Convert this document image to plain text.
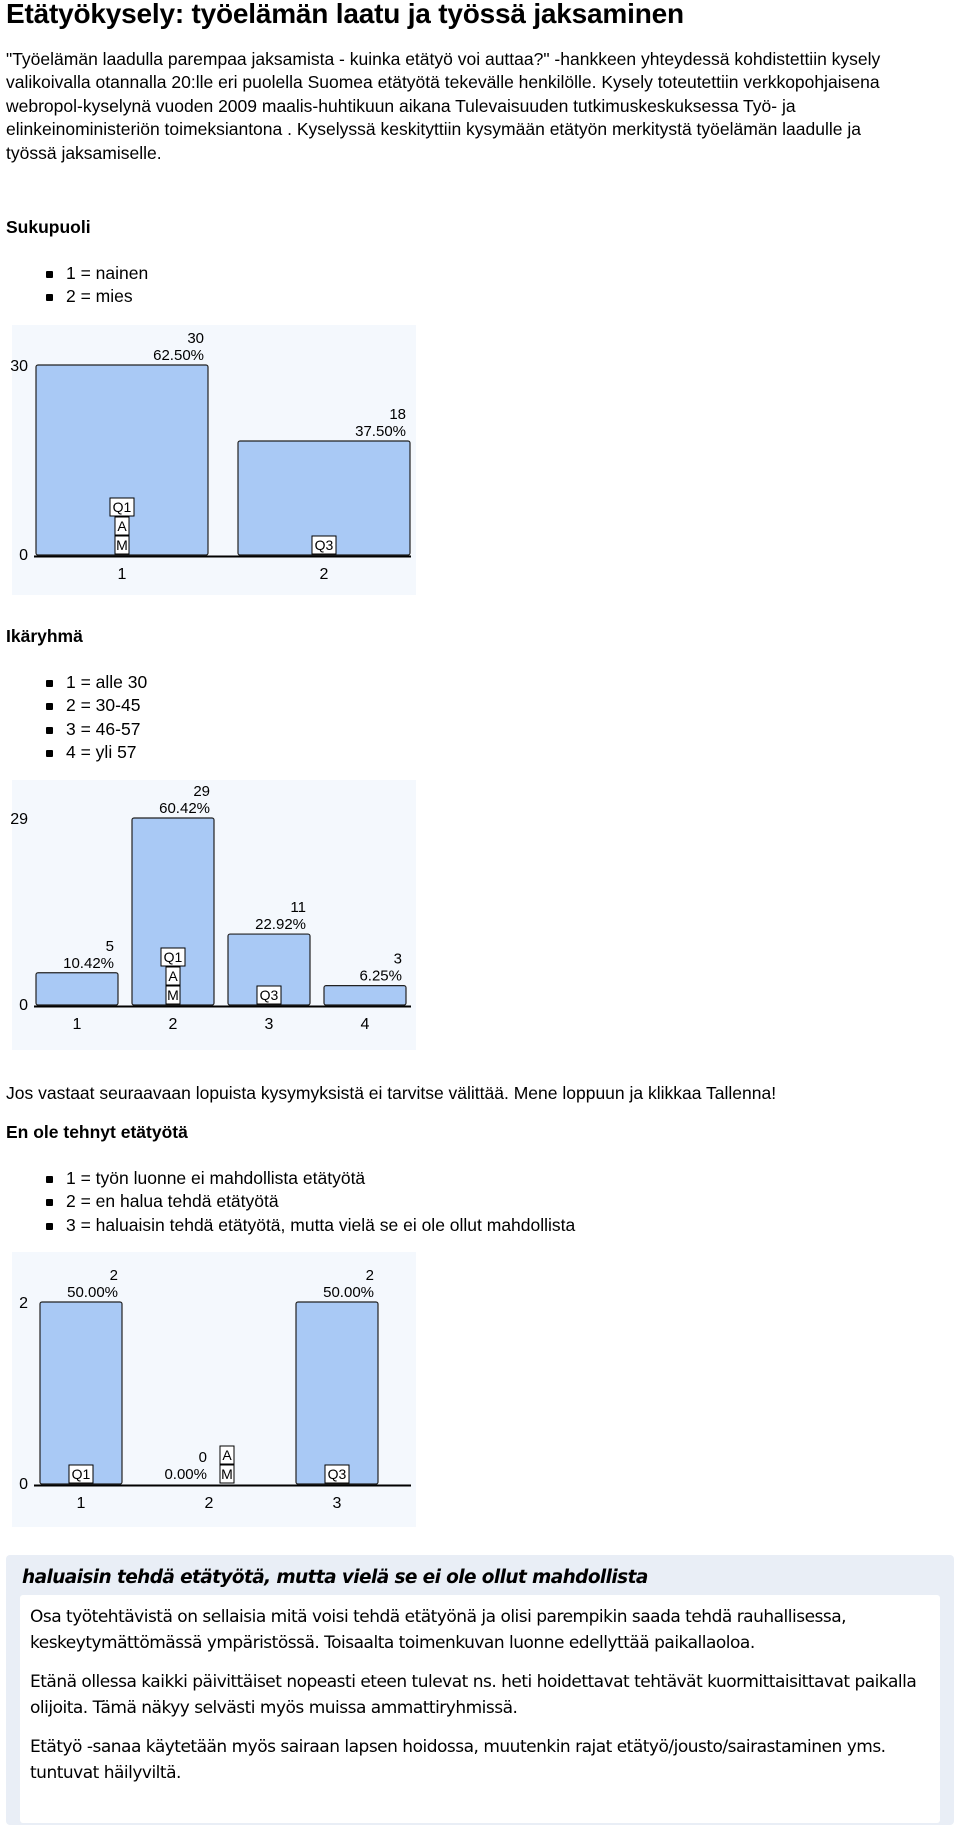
Etätyökysely: työelämän laatu ja työssä jaksaminen

"Työelämän laadulla parempaa jaksamista - kuinka etätyö voi auttaa?" -hankkeen yhteydessä kohdistettiin kysely valikoivalla otannalla 20:lle eri puolella Suomea etätyötä tekevälle henkilölle. Kysely toteutettiin verkkopohjaisena webropol-kyselynä vuoden 2009 maalis-huhtikuun aikana Tulevaisuuden tutkimuskeskuksessa Työ- ja elinkeinoministeriön toimeksiantona . Kyselyssä keskityttiin kysymään etätyön merkitystä työelämän laadulle ja työssä jaksamiselle.

Sukupuoli

1 = nainen
2 = mies
30
0
30
62.50%
1
18
37.50%
2
Q1
A
M	Q3

Ikäryhmä

1 = alle 30
2 = 30-45
3 = 46-57
4 = yli 57
29
0
5
10.42%
1
29
60.42%
2
11
22.92%
3
3
6.25%
4
Q1
A
M	Q3

Jos vastaat seuraavaan lopuista kysymyksistä ei tarvitse välittää. Mene loppuun ja klikkaa Tallenna!

En ole tehnyt etätyötä

1 = työn luonne ei mahdollista etätyötä
2 = en halua tehdä etätyötä
3 = haluaisin tehdä etätyötä, mutta vielä se ei ole ollut mahdollista
2
0
2
50.00%
1
0
0.00%
2
2
50.00%
3
Q1
A
M	Q3

haluaisin tehdä etätyötä, mutta vielä se ei ole ollut mahdollista

Osa työtehtävistä on sellaisia mitä voisi tehdä etätyönä ja olisi parempikin saada tehdä rauhallisessa, keskeytymättömässä ympäristössä. Toisaalta toimenkuvan luonne edellyttää paikallaoloa.

Etänä ollessa kaikki päivittäiset nopeasti eteen tulevat ns. heti hoidettavat tehtävät kuormittaisittavat paikalla olijoita. Tämä näkyy selvästi myös muissa ammattiryhmissä.

Etätyö -sanaa käytetään myös sairaan lapsen hoidossa, muutenkin rajat etätyö/jousto/sairastaminen yms. tuntuvat häilyviltä.
